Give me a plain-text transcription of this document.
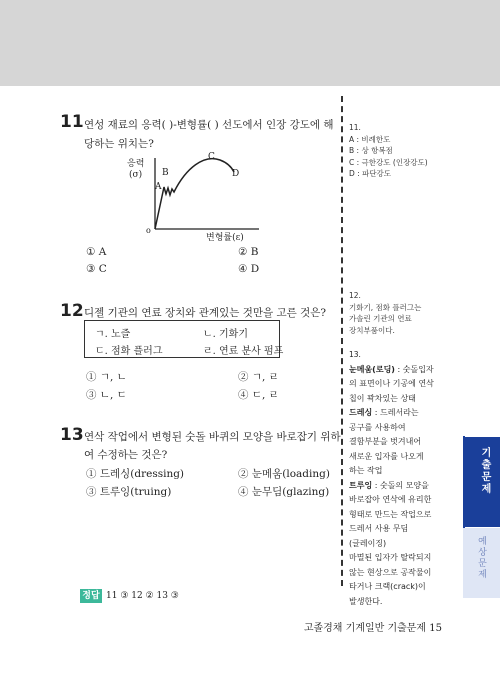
11 연성 재료의 응력( )-변형률( ) 선도에서 인장 강도에 해
당하는 위치는?
응력
(σ)
A
B
C
D
o
변형률(ε)
① A	② B
③ C	④ D
12 디젤 기관의 연료 장치와 관계있는 것만을 고른 것은?
ㄱ. 노즐	ㄴ. 기화기
ㄷ. 점화 플러그	ㄹ. 연료 분사 펌프
① ㄱ, ㄴ	② ㄱ, ㄹ
③ ㄴ, ㄷ	④ ㄷ, ㄹ
13 연삭 작업에서 변형된 숫돌 바퀴의 모양을 바로잡기 위하
여 수정하는 것은?
① 드레싱(dressing)	② 눈메움(loading)
③ 트루잉(truing)	④ 눈무딤(glazing)
11.
A : 비례한도
B : 상 항복점
C : 극한강도 (인장강도)
D : 파단강도
12.
기화기, 점화 플러그는
가솔린 기관의 연료
장치부품이다.
13.
눈메움(로딩) : 숫돌입자
의 표면이나 기공에 연삭
칩이 꽉차있는 상태
드레싱 : 드레서라는
공구를 사용하여
결함부분을 벗겨내어
새로운 입자를 나오게
하는 작업
트루잉 : 숫돌의 모양을
바로잡아 연삭에 유리한
형태로 만드는 작업으로
드레서 사용 무딤
(글레이징)
마멸된 입자가 탈락되지
않는 현상으로 공작물이
타거나 크랙(crack)이
발생한다.
기출문제
예상문제
정답 11 ③ 12 ② 13 ③
고졸경채 기계일반 기출문제 15
